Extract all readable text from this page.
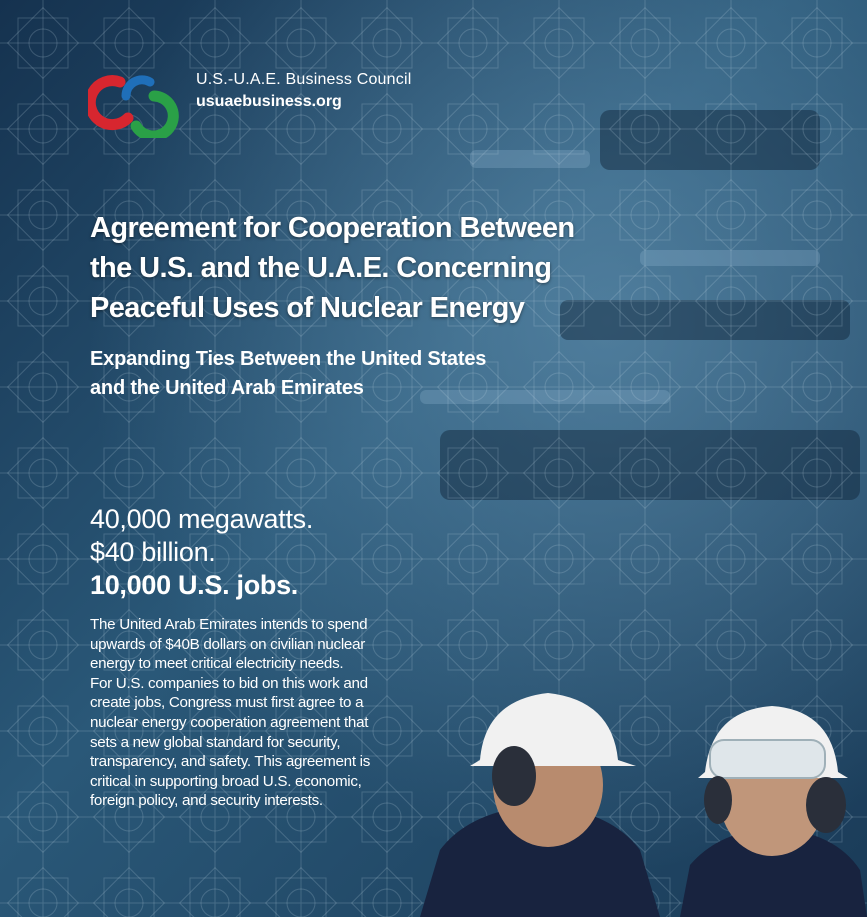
U.S.-U.A.E. Business Council
usuaebusiness.org
Agreement for Cooperation Between
the U.S. and the U.A.E. Concerning
Peaceful Uses of Nuclear Energy
Expanding Ties Between the United States
and the United Arab Emirates
40,000 megawatts.
$40 billion.
10,000 U.S. jobs.
The United Arab Emirates intends to spend
upwards of $40B dollars on civilian nuclear
energy to meet critical electricity needs.
For U.S. companies to bid on this work and
create jobs, Congress must first agree to a
nuclear energy cooperation agreement that
sets a new global standard for security,
transparency, and safety. This agreement is
critical in supporting broad U.S. economic,
foreign policy, and security interests.
